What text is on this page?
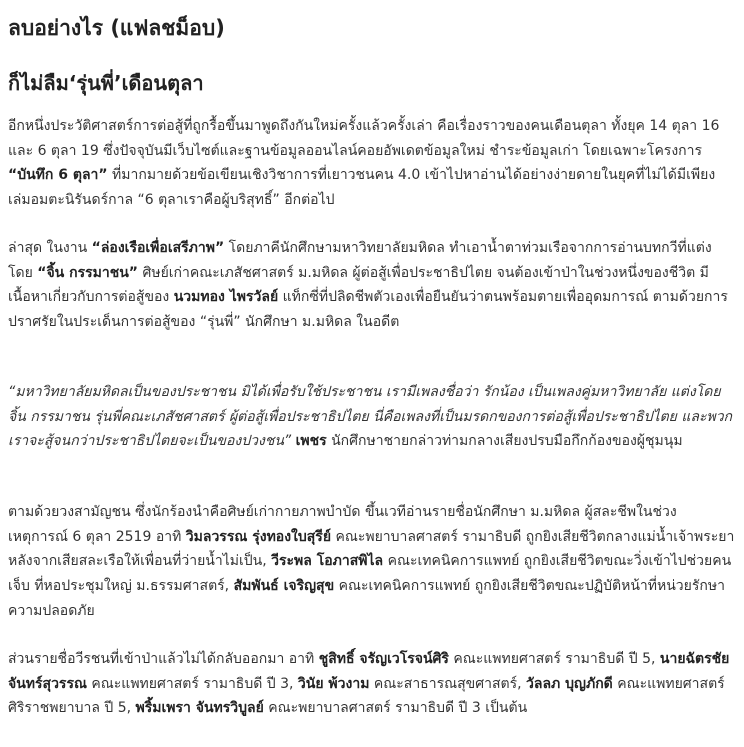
ลบอย่างไร (แฟลชม็อบ)
ก็ไม่ลืม‘รุ่นพี่’เดือนตุลา

อีกหนึ่งประวัติศาสตร์การต่อสู้ที่ถูกรื้อขึ้นมาพูดถึงกันใหม่ครั้งแล้วครั้งเล่า คือเรื่องราวของคนเดือนตุลา ทั้งยุค 14 ตุลา 16 และ 6 ตุลา 19 ซึ่งปัจจุบันมีเว็บไซต์และฐานข้อมูลออนไลน์คอยอัพเดตข้อมูลใหม่ ชำระข้อมูลเก่า โดยเฉพาะโครงการ “บันทึก 6 ตุลา” ที่มากมายด้วยข้อเขียนเชิงวิชาการที่เยาวชนคน 4.0 เข้าไปหาอ่านได้อย่างง่ายดายในยุคที่ไม่ได้มีเพียงเล่มอมตะนิรันดร์กาล “6 ตุลาเราคือผู้บริสุทธิ์” อีกต่อไป

ล่าสุด ในงาน “ล่องเรือเพื่อเสรีภาพ” โดยภาคีนักศึกษามหาวิทยาลัยมหิดล ทำเอาน้ำตาท่วมเรือจากการอ่านบทกวีที่แต่งโดย “จิ้น กรรมาชน” ศิษย์เก่าคณะเภสัชศาสตร์ ม.มหิดล ผู้ต่อสู้เพื่อประชาธิปไตย จนต้องเข้าป่าในช่วงหนึ่งของชีวิต มีเนื้อหาเกี่ยวกับการต่อสู้ของ นวมทอง ไพรวัลย์ แท็กซี่ที่ปลิดชีพตัวเองเพื่อยืนยันว่าตนพร้อมตายเพื่ออุดมการณ์ ตามด้วยการปราศรัยในประเด็นการต่อสู้ของ “รุ่นพี่” นักศึกษา ม.มหิดล ในอดีต

“มหาวิทยาลัยมหิดลเป็นของประชาชน มิได้เพื่อรับใช้ประชาชน เรามีเพลงชื่อว่า รักน้อง เป็นเพลงคู่มหาวิทยาลัย แต่งโดย จิ้น กรรมาชน รุ่นพี่คณะเภสัชศาสตร์ ผู้ต่อสู้เพื่อประชาธิปไตย นี่คือเพลงที่เป็นมรดกของการต่อสู้เพื่อประชาธิปไตย และพวกเราจะสู้จนกว่าประชาธิปไตยจะเป็นของปวงชน” เพชร นักศึกษาชายกล่าวท่ามกลางเสียงปรบมือกึกก้องของผู้ชุมนุม

ตามด้วยวงสามัญชน ซึ่งนักร้องนำคือศิษย์เก่ากายภาพบำบัด ขึ้นเวทีอ่านรายชื่อนักศึกษา ม.มหิดล ผู้สละชีพในช่วงเหตุการณ์ 6 ตุลา 2519 อาทิ วิมลวรรณ รุ่งทองใบสุรีย์ คณะพยาบาลศาสตร์ รามาธิบดี ถูกยิงเสียชีวิตกลางแม่น้ำเจ้าพระยา หลังจากเสียสละเรือให้เพื่อนที่ว่ายน้ำไม่เป็น, วีระพล โอภาสพิไล คณะเทคนิคการแพทย์ ถูกยิงเสียชีวิตขณะวิ่งเข้าไปช่วยคนเจ็บ ที่หอประชุมใหญ่ ม.ธรรมศาสตร์, สัมพันธ์ เจริญสุข คณะเทคนิคการแพทย์ ถูกยิงเสียชีวิตขณะปฏิบัติหน้าที่หน่วยรักษาความปลอดภัย

ส่วนรายชื่อวีรชนที่เข้าป่าแล้วไม่ได้กลับออกมา อาทิ ชูสิทธิ์ จรัญเวโรจน์ศิริ คณะแพทยศาสตร์ รามาธิบดี ปี 5, นายฉัตรชัย จันทร์สุวรรณ คณะแพทยศาสตร์ รามาธิบดี ปี 3, วินัย พ้วงาม คณะสาธารณสุขศาสตร์, วัลลภ บุญภักดี คณะแพทยศาสตร์ ศิริราชพยาบาล ปี 5, พริ้มเพรา จันทรวิบูลย์ คณะพยาบาลศาสตร์ รามาธิบดี ปี 3 เป็นต้น
